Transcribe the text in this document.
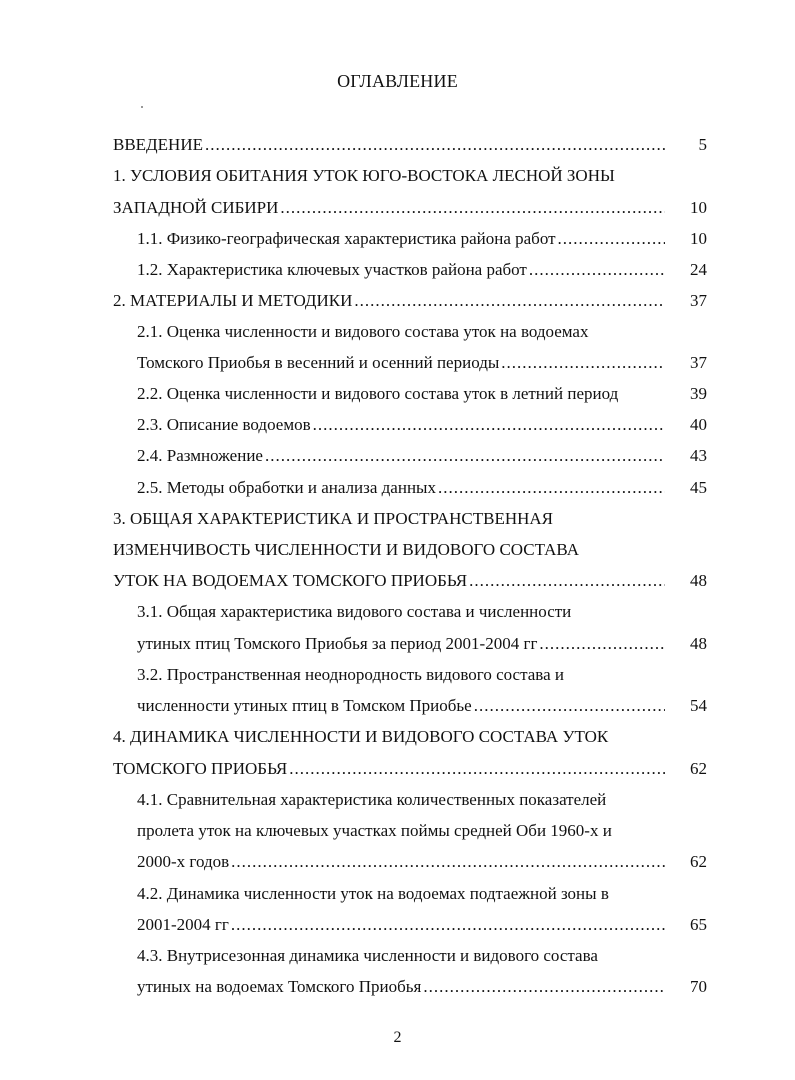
ОГЛАВЛЕНИЕ
ВВЕДЕНИЕ .....	5
1. УСЛОВИЯ ОБИТАНИЯ УТОК ЮГО-ВОСТОКА ЛЕСНОЙ ЗОНЫ
ЗАПАДНОЙ СИБИРИ .....	10
1.1. Физико-географическая характеристика района работ .....	10
1.2. Характеристика ключевых участков района работ .....	24
2. МАТЕРИАЛЫ И МЕТОДИКИ .....	37
2.1. Оценка численности и видового состава уток на водоемах
Томского Приобья в весенний и осенний периоды .....	37
2.2. Оценка численности и видового состава уток в летний период	39
2.3. Описание водоемов .....	40
2.4. Размножение .....	43
2.5. Методы обработки и анализа данных .....	45
3. ОБЩАЯ ХАРАКТЕРИСТИКА И ПРОСТРАНСТВЕННАЯ
ИЗМЕНЧИВОСТЬ ЧИСЛЕННОСТИ И ВИДОВОГО СОСТАВА
УТОК НА ВОДОЕМАХ ТОМСКОГО ПРИОБЬЯ .....	48
3.1. Общая характеристика видового состава и численности
утиных птиц Томского Приобья за период 2001-2004 гг .....	48
3.2. Пространственная неоднородность видового состава и
численности утиных птиц в Томском Приобье .....	54
4. ДИНАМИКА ЧИСЛЕННОСТИ И ВИДОВОГО СОСТАВА УТОК
ТОМСКОГО ПРИОБЬЯ .....	62
4.1. Сравнительная характеристика количественных показателей
пролета уток на ключевых участках поймы средней Оби 1960-х и
2000-х годов .....	62
4.2. Динамика численности уток на водоемах подтаежной зоны в
2001-2004 гг .....	65
4.3. Внутрисезонная динамика численности и видового состава
утиных на водоемах Томского Приобья .....	70
2
